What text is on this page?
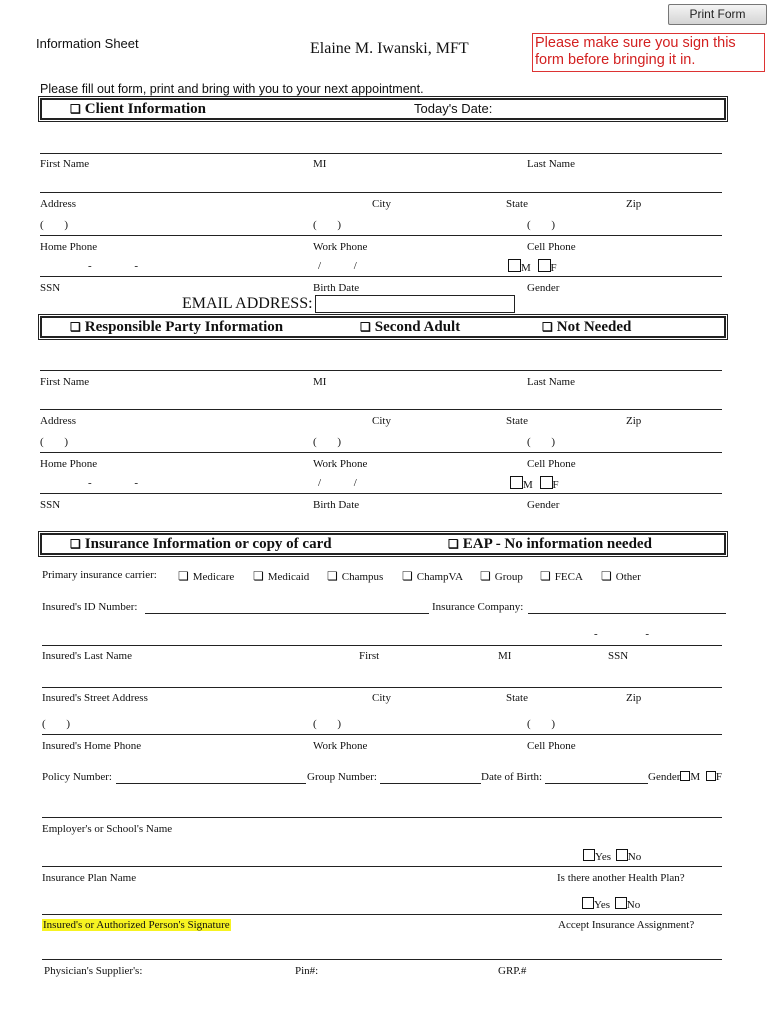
Print Form
Information Sheet	Elaine M. Iwanski, MFT	Please make sure you sign this form before bringing it in.
Please fill out form, print and bring with you to your next appointment.
❏ Client Information	Today's Date:
First Name	MI	Last Name
Address	City	State	Zip
( )	( )	( )
Home Phone	Work Phone	Cell Phone
- -	/ /	M F
SSN	Birth Date	Gender
EMAIL ADDRESS:
❏ Responsible Party Information	❏ Second Adult	❏ Not Needed
First Name	MI	Last Name
Address	City	State	Zip
( )	( )	( )
Home Phone	Work Phone	Cell Phone
- -	/ /	M F
SSN	Birth Date	Gender
❏ Insurance Information or copy of card	❏ EAP - No information needed
Primary insurance carrier: ❏ Medicare ❏ Medicaid ❏ Champus ❏ ChampVA ❏ Group ❏ FECA ❏ Other
Insured's ID Number:	Insurance Company:
- -
Insured's Last Name	First	MI	SSN
Insured's Street Address	City	State	Zip
( )	( )	( )
Insured's Home Phone	Work Phone	Cell Phone
Policy Number:	Group Number:	Date of Birth:	Gender M F
Employer's or School's Name
Yes No
Insurance Plan Name	Is there another Health Plan?
Yes No
Insured's or Authorized Person's Signature	Accept Insurance Assignment?
Physician's Supplier's:	Pin#:	GRP.#
